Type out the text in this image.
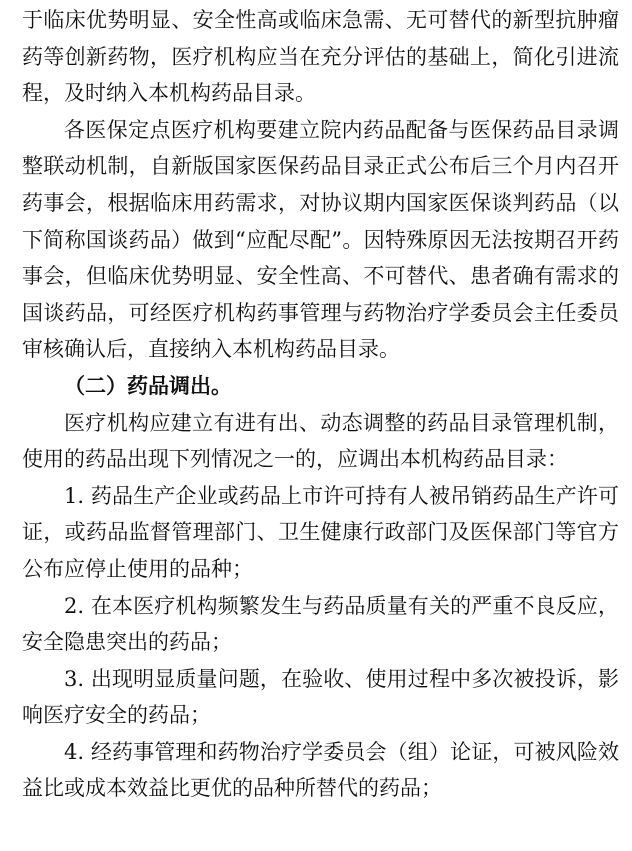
于临床优势明显、安全性高或临床急需、无可替代的新型抗肿瘤药等创新药物，医疗机构应当在充分评估的基础上，简化引进流程，及时纳入本机构药品目录。

各医保定点医疗机构要建立院内药品配备与医保药品目录调整联动机制，自新版国家医保药品目录正式公布后三个月内召开药事会，根据临床用药需求，对协议期内国家医保谈判药品（以下简称国谈药品）做到“应配尽配”。因特殊原因无法按期召开药事会，但临床优势明显、安全性高、不可替代、患者确有需求的国谈药品，可经医疗机构药事管理与药物治疗学委员会主任委员审核确认后，直接纳入本机构药品目录。

（二）药品调出。

医疗机构应建立有进有出、动态调整的药品目录管理机制，使用的药品出现下列情况之一的，应调出本机构药品目录：

1. 药品生产企业或药品上市许可持有人被吊销药品生产许可证，或药品监督管理部门、卫生健康行政部门及医保部门等官方公布应停止使用的品种；

2. 在本医疗机构频繁发生与药品质量有关的严重不良反应，安全隐患突出的药品；

3. 出现明显质量问题，在验收、使用过程中多次被投诉，影响医疗安全的药品；

4. 经药事管理和药物治疗学委员会（组）论证，可被风险效益比或成本效益比更优的品种所替代的药品；
